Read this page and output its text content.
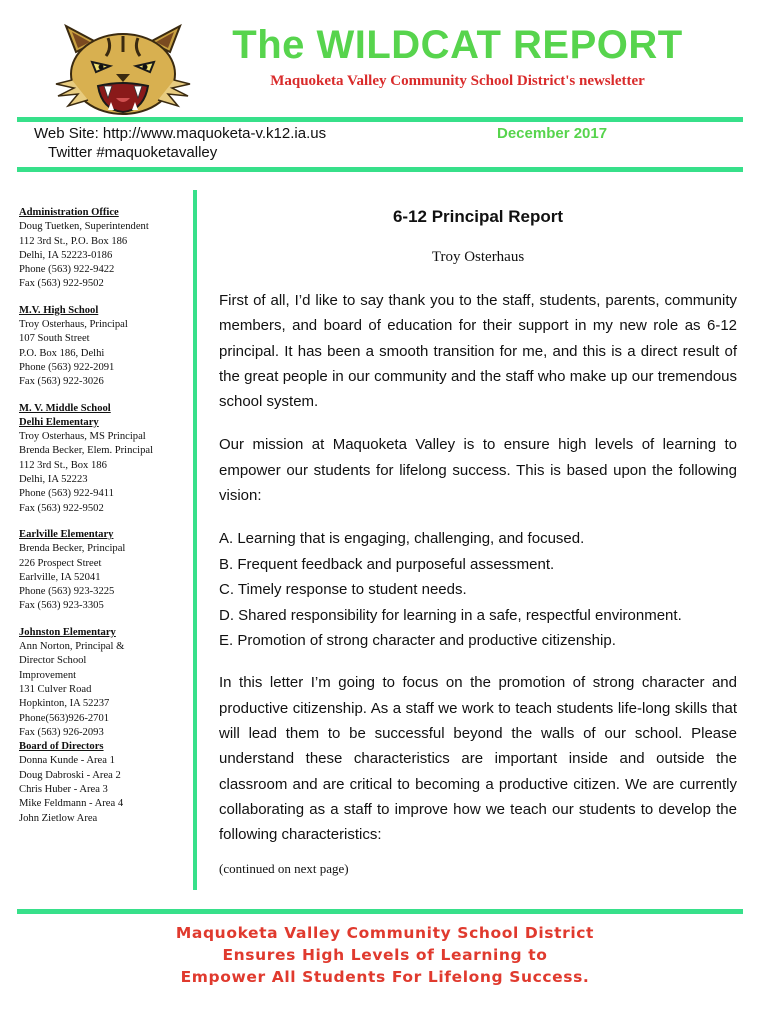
The WILDCAT REPORT
Maquoketa Valley Community School District's newsletter
Web Site: http://www.maquoketa-v.k12.ia.us
Twitter #maquoketavalley
December 2017
Administration Office
Doug Tuetken, Superintendent
112 3rd St., P.O. Box 186
Delhi, IA 52223-0186
Phone (563) 922-9422
Fax (563) 922-9502
M.V. High School
Troy Osterhaus, Principal
107 South Street
P.O. Box 186, Delhi
Phone (563) 922-2091
Fax (563) 922-3026
M. V. Middle School
Delhi Elementary
Troy Osterhaus, MS Principal
Brenda Becker, Elem. Principal
112 3rd St., Box 186
Delhi, IA 52223
Phone (563) 922-9411
Fax (563) 922-9502
Earlville Elementary
Brenda Becker, Principal
226 Prospect Street
Earlville, IA 52041
Phone (563) 923-3225
Fax (563) 923-3305
Johnston Elementary
Ann Norton, Principal &
Director School
Improvement
131 Culver Road
Hopkinton, IA 52237
Phone(563)926-2701
Fax (563) 926-2093
Board of Directors
Donna Kunde - Area 1
Doug Dabroski - Area 2
Chris Huber - Area 3
Mike Feldmann - Area 4
John Zietlow Area
6-12 Principal Report
Troy Osterhaus

First of all, I’d like to say thank you to the staff, students, parents, community members, and board of education for their support in my new role as 6-12 principal. It has been a smooth transition for me, and this is a direct result of the great people in our community and the staff who make up our tremendous school system.

Our mission at Maquoketa Valley is to ensure high levels of learning to empower our students for lifelong success. This is based upon the following vision:

A. Learning that is engaging, challenging, and focused.
B. Frequent feedback and purposeful assessment.
C. Timely response to student needs.
D. Shared responsibility for learning in a safe, respectful environment.
E. Promotion of strong character and productive citizenship.

In this letter I’m going to focus on the promotion of strong character and productive citizenship. As a staff we work to teach students life-long skills that will lead them to be successful beyond the walls of our school. Please understand these characteristics are important inside and outside the classroom and are critical to becoming a productive citizen. We are currently collaborating as a staff to improve how we teach our students to develop the following characteristics:

(continued on next page)
Maquoketa Valley Community School District
Ensures High Levels of Learning to
Empower All Students For Lifelong Success.
